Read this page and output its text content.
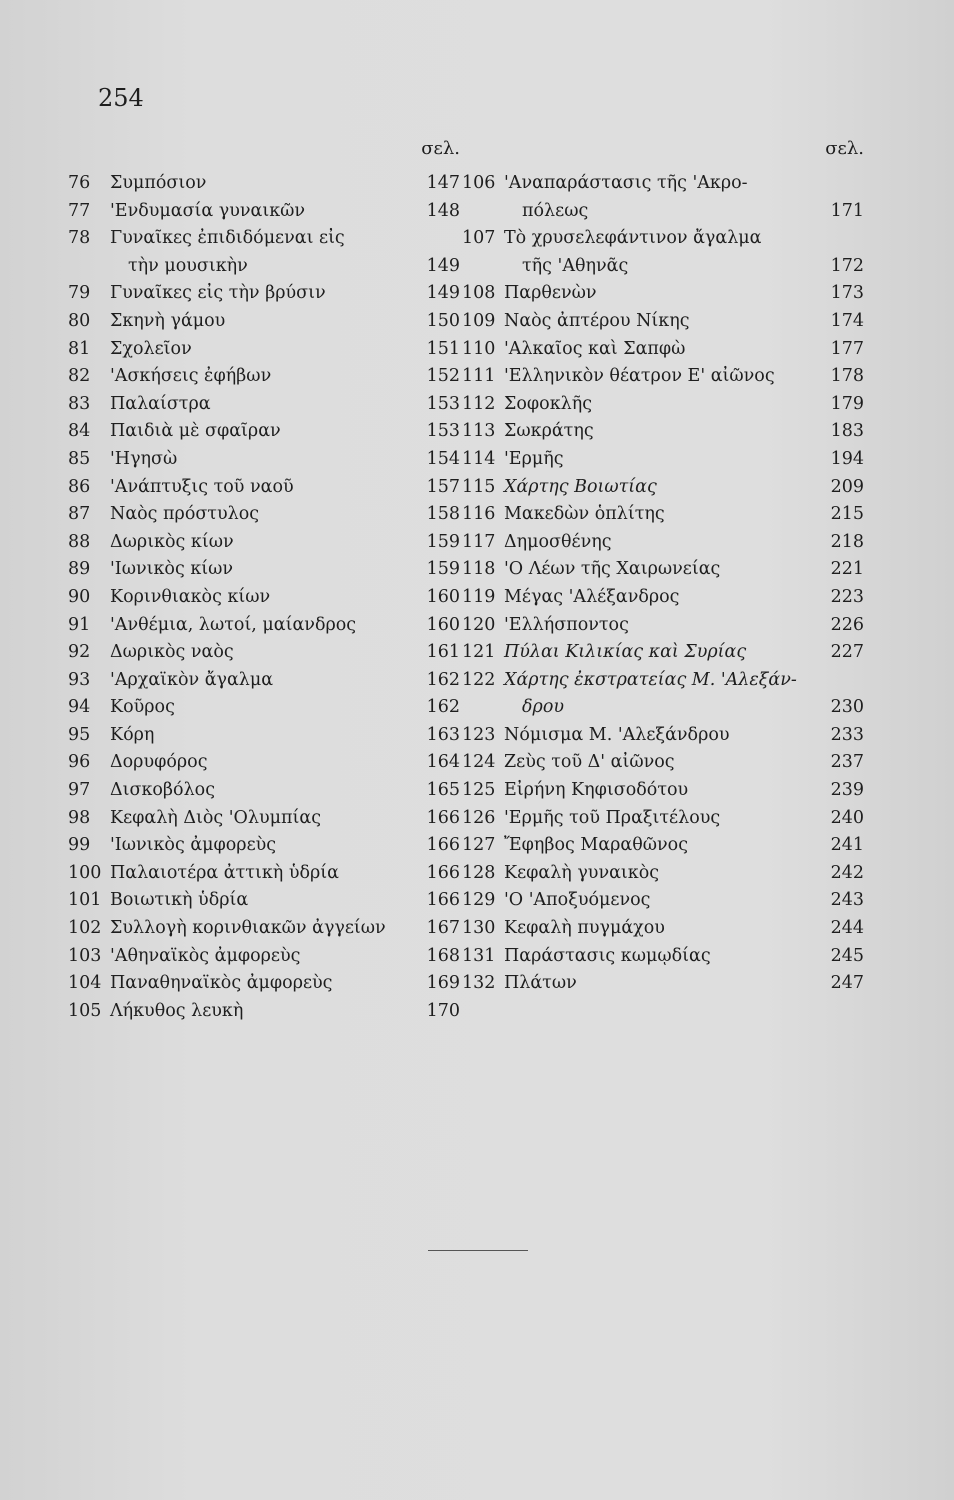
254
σελ.
76 Συμπόσιον	147
77 'Ενδυμασία γυναικῶν	148
78 Γυναῖκες ἐπιδιδόμεναι εἰς
τὴν μουσικὴν	149
79 Γυναῖκες εἰς τὴν βρύσιν	149
80 Σκηνὴ γάμου	150
81 Σχολεῖον	151
82 'Ασκήσεις ἐφήβων	152
83 Παλαίστρα	153
84 Παιδιὰ μὲ σφαῖραν	153
85 'Ηγησὼ	154
86 'Ανάπτυξις τοῦ ναοῦ	157
87 Ναὸς πρόστυλος	158
88 Δωρικὸς κίων	159
89 'Ιωνικὸς κίων	159
90 Κορινθιακὸς κίων	160
91 'Ανθέμια, λωτοί, μαίανδρος	160
92 Δωρικὸς ναὸς	161
93 'Αρχαϊκὸν ἄγαλμα	162
94 Κοῦρος	162
95 Κόρη	163
96 Δορυφόρος	164
97 Δισκοβόλος	165
98 Κεφαλὴ Διὸς 'Ολυμπίας	166
99 'Ιωνικὸς ἀμφορεὺς	166
100 Παλαιοτέρα ἀττικὴ ὑδρία	166
101 Βοιωτικὴ ὑδρία	166
102 Συλλογὴ κορινθιακῶν ἀγγείων 167
103 'Αθηναϊκὸς ἀμφορεὺς	168
104 Παναθηναϊκὸς ἀμφορεὺς	169
105 Λήκυθος λευκὴ	170
σελ.
106 'Αναπαράστασις τῆς 'Ακρο-
πόλεως	171
107 Τὸ χρυσελεφάντινον ἄγαλμα
τῆς 'Αθηνᾶς	172
108 Παρθενὼν	173
109 Ναὸς ἀπτέρου Νίκης	174
110 'Αλκαῖος καὶ Σαπφὼ	177
111 'Ελληνικὸν θέατρον Ε' αἰῶνος	178
112 Σοφοκλῆς	179
113 Σωκράτης	183
114 'Ερμῆς	194
115 Χάρτης Βοιωτίας	209
116 Μακεδὼν ὁπλίτης	215
117 Δημοσθένης	218
118 'Ο Λέων τῆς Χαιρωνείας	221
119 Μέγας 'Αλέξανδρος	223
120 'Ελλήσποντος	226
121 Πύλαι Κιλικίας καὶ Συρίας	227
122 Χάρτης ἐκστρατείας Μ. 'Αλεξάν-
δρου	230
123 Νόμισμα Μ. 'Αλεξάνδρου	233
124 Ζεὺς τοῦ Δ' αἰῶνος	237
125 Εἰρήνη Κηφισοδότου	239
126 'Ερμῆς τοῦ Πραξιτέλους	240
127 Ἔφηβος Μαραθῶνος	241
128 Κεφαλὴ γυναικὸς	242
129 'Ο 'Αποξυόμενος	243
130 Κεφαλὴ πυγμάχου	244
131 Παράστασις κωμῳδίας	245
132 Πλάτων	247
